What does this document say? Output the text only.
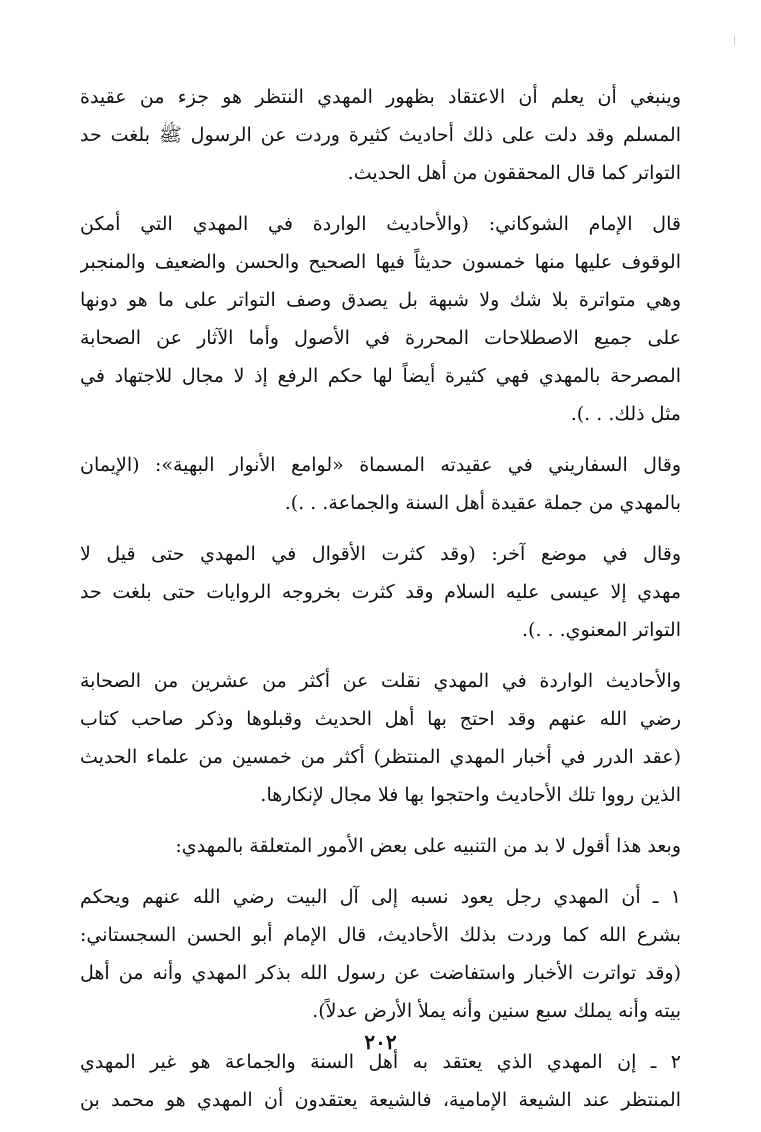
وينبغي أن يعلم أن الاعتقاد بظهور المهدي النتظر هو جزء من عقيدة
المسلم وقد دلت على ذلك أحاديث كثيرة وردت عن الرسول ﷺ بلغت حد
التواتر كما قال المحققون من أهل الحديث.
قال الإمام الشوكاني: (والأحاديث الواردة في المهدي التي أمكن
الوقوف عليها منها خمسون حديثاً فيها الصحيح والحسن والضعيف والمنجبر
وهي متواترة بلا شك ولا شبهة بل يصدق وصف التواتر على ما هو دونها
على جميع الاصطلاحات المحررة في الأصول وأما الآثار عن الصحابة
المصرحة بالمهدي فهي كثيرة أيضاً لها حكم الرفع إذ لا مجال للاجتهاد في
مثل ذلك. . .).
وقال السفاريني في عقيدته المسماة «لوامع الأنوار البهية»: (الإيمان
بالمهدي من جملة عقيدة أهل السنة والجماعة. . .).
وقال في موضع آخر: (وقد كثرت الأقوال في المهدي حتى قيل لا
مهدي إلا عيسى عليه السلام وقد كثرت بخروجه الروايات حتى بلغت حد
التواتر المعنوي. . .).
والأحاديث الواردة في المهدي نقلت عن أكثر من عشرين من الصحابة
رضي الله عنهم وقد احتج بها أهل الحديث وقبلوها وذكر صاحب كتاب
(عقد الدرر في أخبار المهدي المنتظر) أكثر من خمسين من علماء الحديث
الذين رووا تلك الأحاديث واحتجوا بها فلا مجال لإنكارها.
وبعد هذا أقول لا بد من التنبيه على بعض الأمور المتعلقة بالمهدي:
١ ـ أن المهدي رجل يعود نسبه إلى آل البيت رضي الله عنهم ويحكم
بشرع الله كما وردت بذلك الأحاديث، قال الإمام أبو الحسن السجستاني:
(وقد تواترت الأخبار واستفاضت عن رسول الله بذكر المهدي وأنه من أهل
بيته وأنه يملك سبع سنين وأنه يملأ الأرض عدلاً).
٢ ـ إن المهدي الذي يعتقد به أهل السنة والجماعة هو غير المهدي
المنتظر عند الشيعة الإمامية، فالشيعة يعتقدون أن المهدي هو محمد بن
٢٠٢
